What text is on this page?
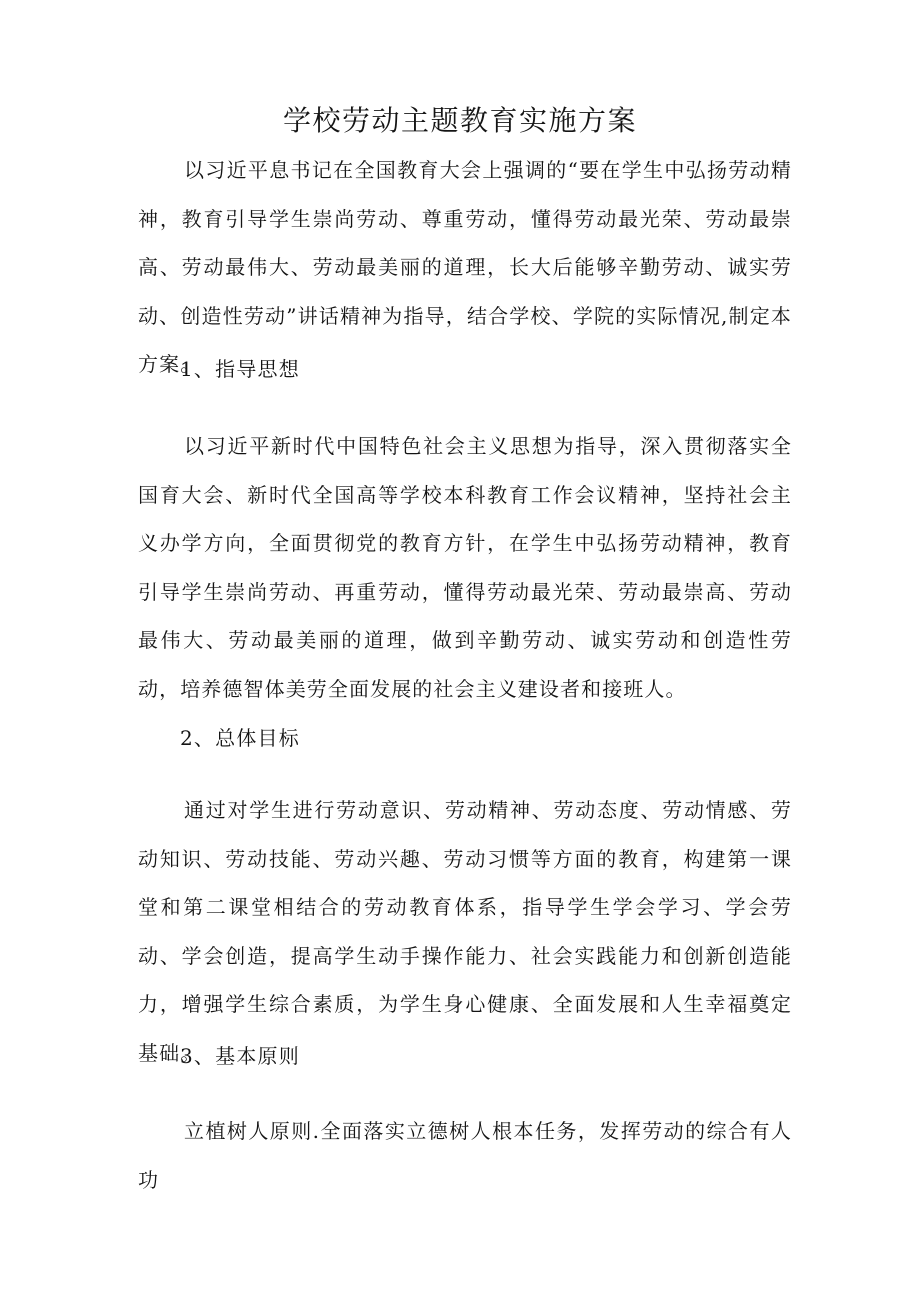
学校劳动主题教育实施方案

以习近平息书记在全国教育大会上强调的“要在学生中弘扬劳动精神，教育引导学生崇尚劳动、尊重劳动，懂得劳动最光荣、劳动最崇高、劳动最伟大、劳动最美丽的道理，长大后能够辛勤劳动、诚实劳动、创造性劳动”讲话精神为指导，结合学校、学院的实际情况,制定本方案。

1、指导思想

以习近平新时代中国特色社会主义思想为指导，深入贯彻落实全国育大会、新时代全国高等学校本科教育工作会议精神，坚持社会主义办学方向，全面贯彻党的教育方针，在学生中弘扬劳动精神，教育引导学生崇尚劳动、再重劳动，懂得劳动最光荣、劳动最崇高、劳动最伟大、劳动最美丽的道理，做到辛勤劳动、诚实劳动和创造性劳动，培养德智体美劳全面发展的社会主义建设者和接班人。

2、总体目标

通过对学生进行劳动意识、劳动精神、劳动态度、劳动情感、劳动知识、劳动技能、劳动兴趣、劳动习惯等方面的教育，构建第一课堂和第二课堂相结合的劳动教育体系，指导学生学会学习、学会劳动、学会创造，提高学生动手操作能力、社会实践能力和创新创造能力，增强学生综合素质，为学生身心健康、全面发展和人生幸福奠定基础。

3、基本原则

立植树人原则.全面落实立德树人根本任务，发挥劳动的综合有人功
